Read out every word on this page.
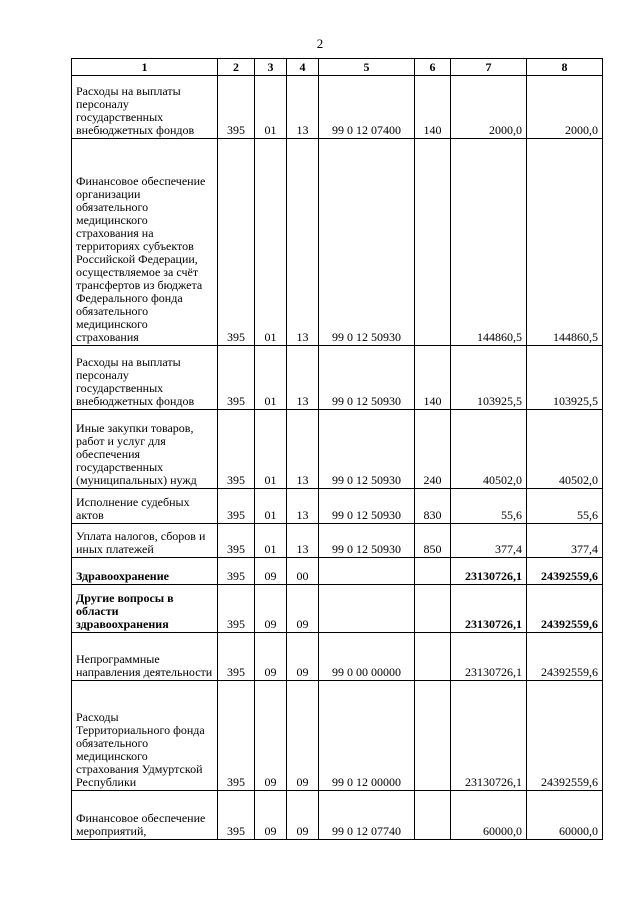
2
1	2	3	4	5	6	7	8
Расходы на выплаты персоналу государственных внебюджетных фондов	395	01	13	99 0 12 07400	140	2000,0	2000,0
Финансовое обеспечение организации обязательного медицинского страхования на территориях субъектов Российской Федерации, осуществляемое за счёт трансфертов из бюджета Федерального фонда обязательного медицинского страхования	395	01	13	99 0 12 50930		144860,5	144860,5
Расходы на выплаты персоналу государственных внебюджетных фондов	395	01	13	99 0 12 50930	140	103925,5	103925,5
Иные закупки товаров, работ и услуг для обеспечения государственных (муниципальных) нужд	395	01	13	99 0 12 50930	240	40502,0	40502,0
Исполнение судебных актов	395	01	13	99 0 12 50930	830	55,6	55,6
Уплата налогов, сборов и иных платежей	395	01	13	99 0 12 50930	850	377,4	377,4
Здравоохранение	395	09	00			23130726,1	24392559,6
Другие вопросы в области здравоохранения	395	09	09			23130726,1	24392559,6
Непрограммные направления деятельности	395	09	09	99 0 00 00000		23130726,1	24392559,6
Расходы Территориального фонда обязательного медицинского страхования Удмуртской Республики	395	09	09	99 0 12 00000		23130726,1	24392559,6
Финансовое обеспечение мероприятий,	395	09	09	99 0 12 07740		60000,0	60000,0
